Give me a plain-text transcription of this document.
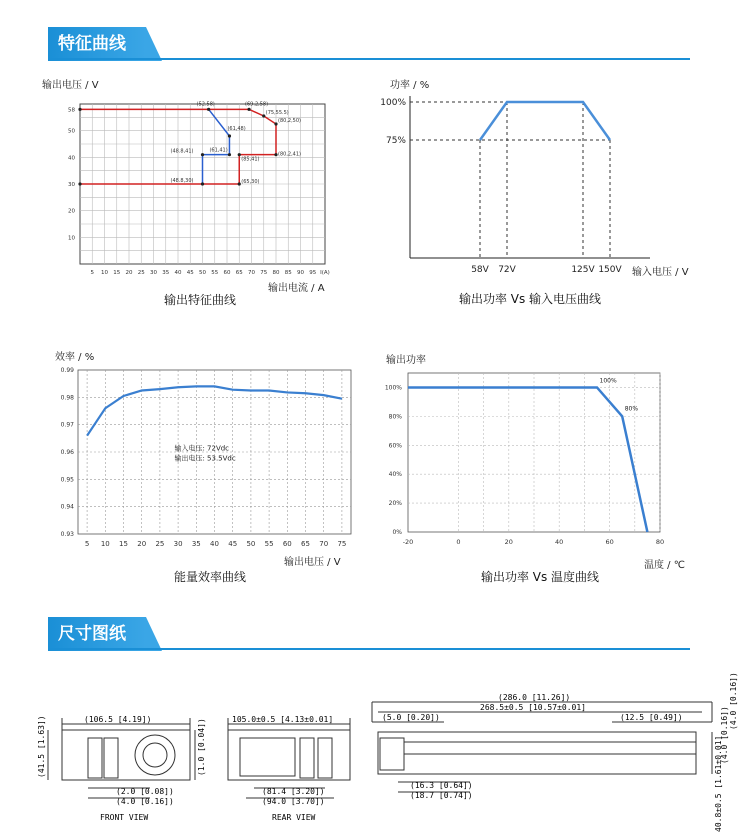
特征曲线
尺寸图纸
输出电压 / V
5 10 15 20 25 30 35 40 45 50 55 60 65 70 75 80 85 90 95 I(A)
10
20
30
40
50
58
(52.58)	(69.2,58)
(75,55.5)
(80,2,50)
(61,48)
(48.8,41)	(61,41)
(85,41)
(80,2,41)
(48.8,30)	(65,30)
输出电流 / A
输出特征曲线
功率 / %
100%
75%
58V 72V	125V 150V 输入电压 / V
输出功率 Vs 输入电压曲线
效率 / %
0.99
0.98
0.97
0.96
0.95
0.94
0.93
5 10 15 20 25 30 35 40 45 50 55 60 65 70 75
输入电压: 72Vdc
输出电压: 53.5Vdc
输出电压 / V
能量效率曲线
输出功率
100%
80%
60%
40%
20%
0%
-20	0	20	40	60	80
100%
80%
温度 / ℃
输出功率 Vs 温度曲线
(106.5 [4.19])
(41.5 [1.63])	(1.0 [0.04])
(2.0 [0.08])
(4.0 [0.16])
FRONT VIEW
105.0±0.5 [4.13±0.01]
(81.4 [3.20])
(94.0 [3.70])
REAR VIEW
(286.0 [11.26])
268.5±0.5 [10.57±0.01]
(5.0 [0.20])	(12.5 [0.49])
(16.3 [0.64])
(18.7 [0.74])
(4.0 [0.16])
(4.0 [0.16])
40.8±0.5 [1.61±0.01]
